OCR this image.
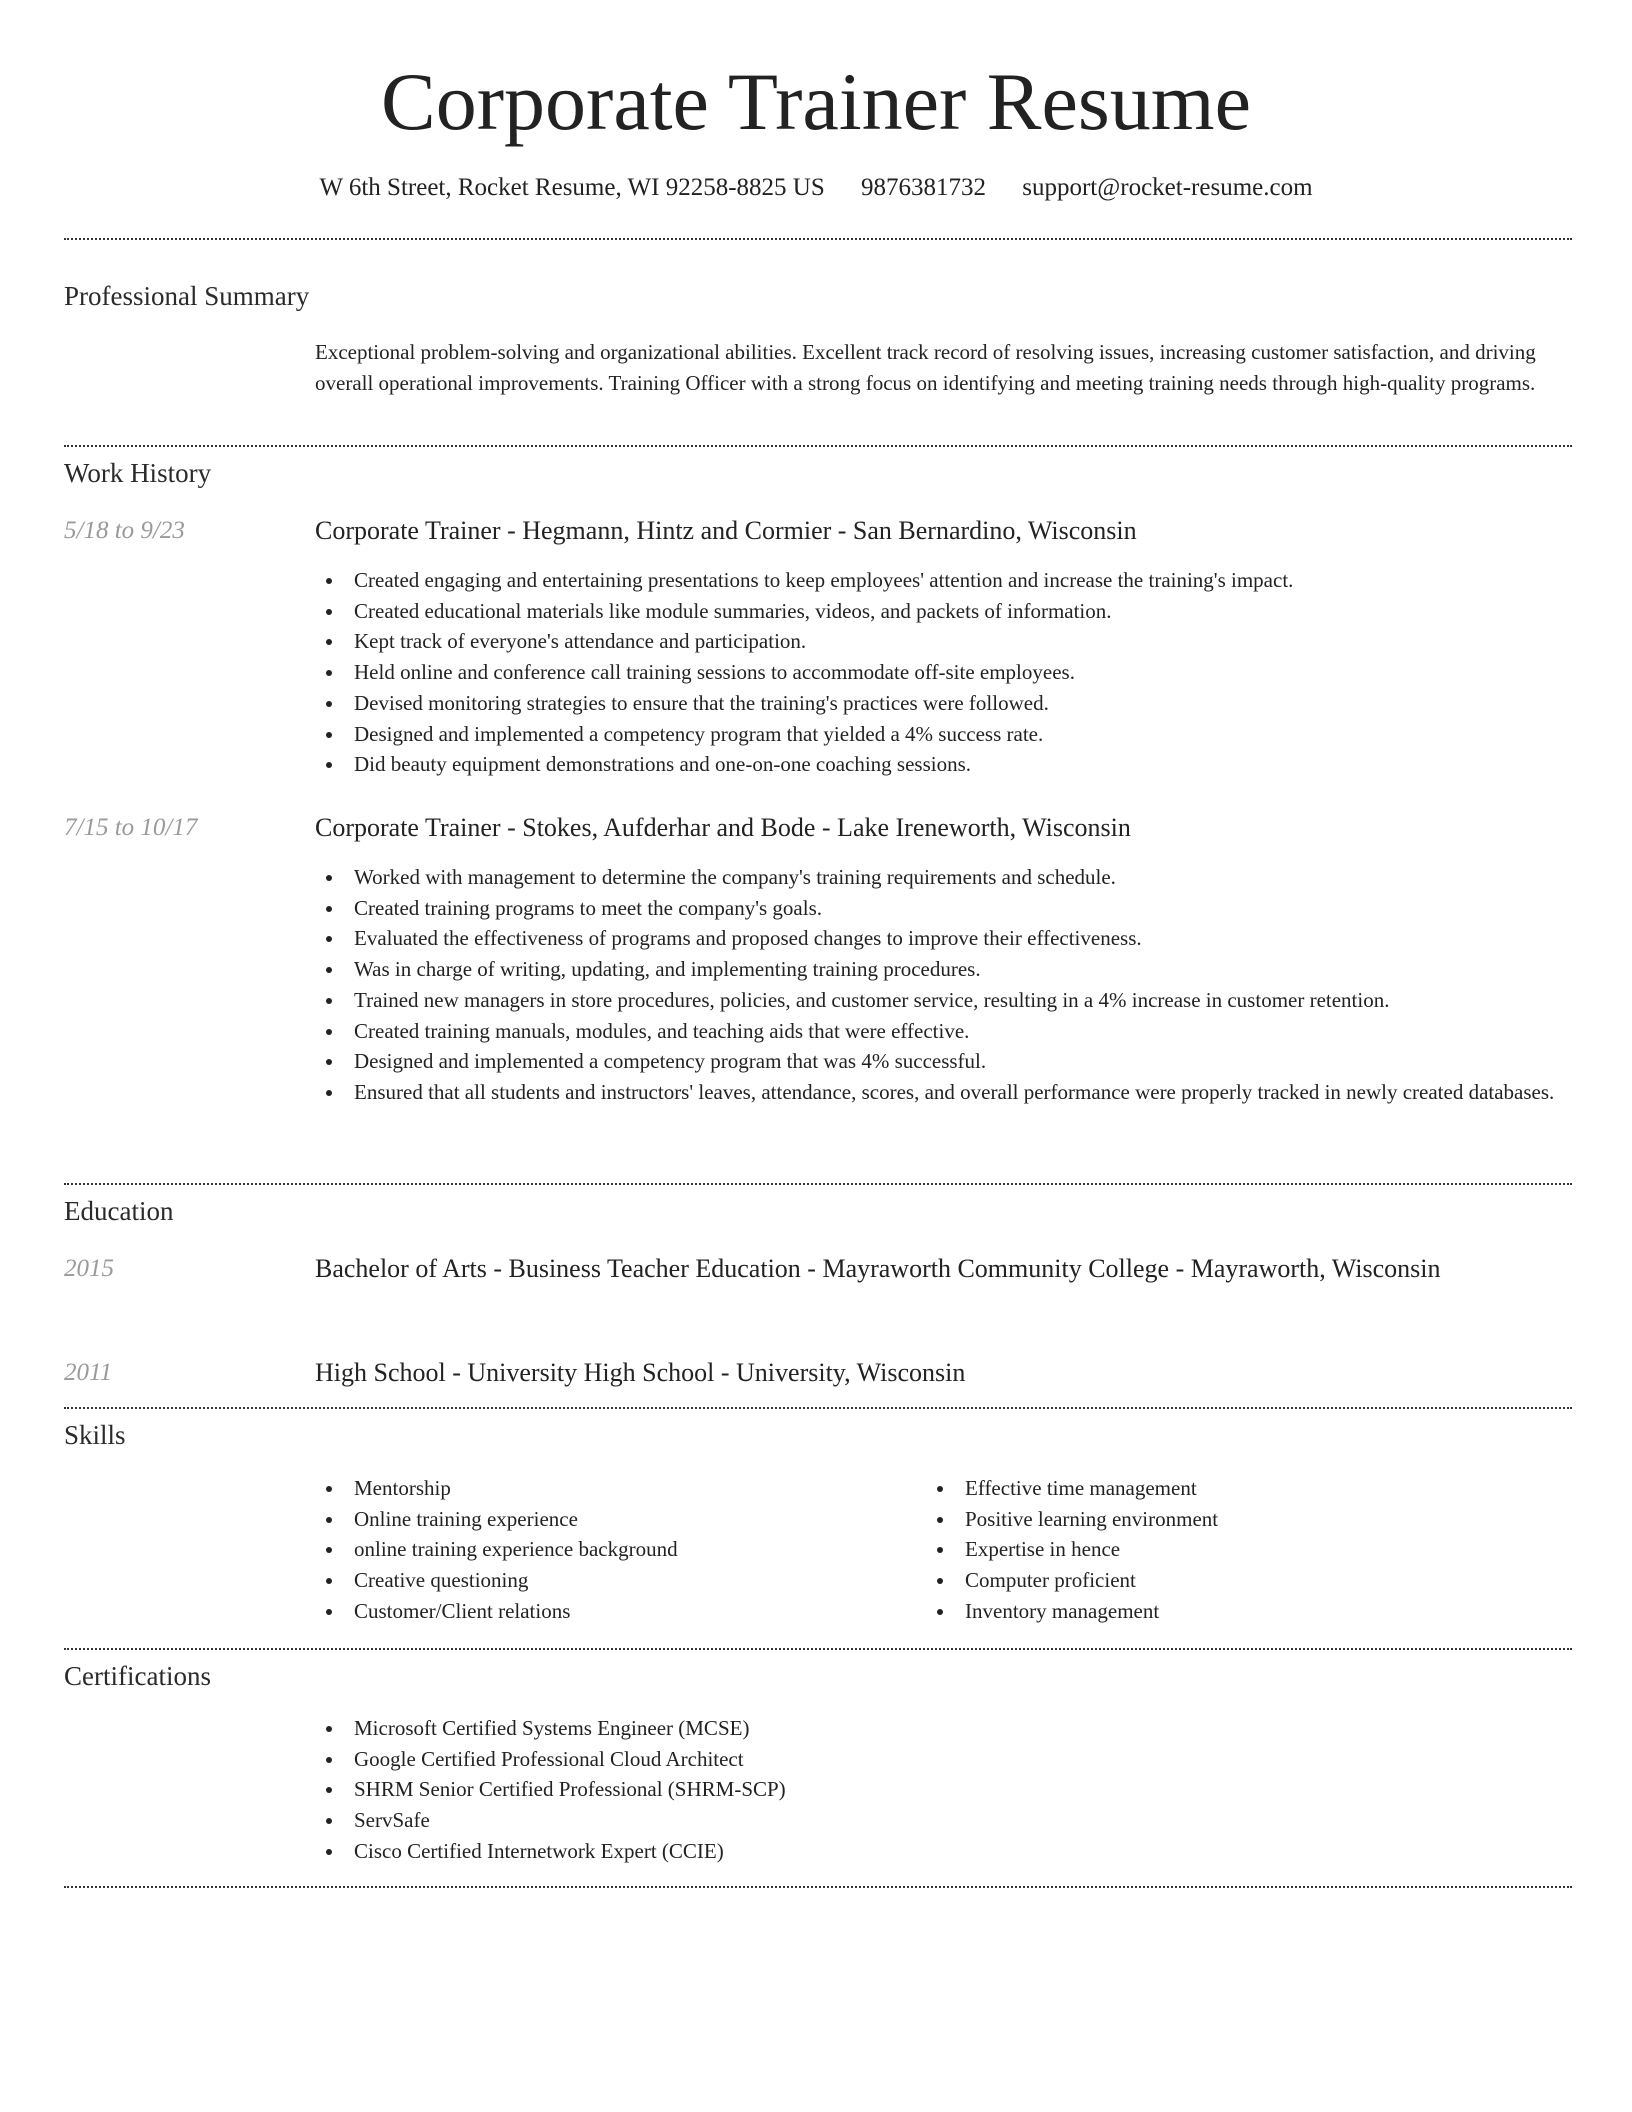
Corporate Trainer Resume
W 6th Street, Rocket Resume, WI 92258-8825 US 9876381732 support@rocket-resume.com
Professional Summary
Exceptional problem-solving and organizational abilities. Excellent track record of resolving issues, increasing customer satisfaction, and driving overall operational improvements. Training Officer with a strong focus on identifying and meeting training needs through high-quality programs.
Work History
5/18 to 9/23	Corporate Trainer - Hegmann, Hintz and Cormier - San Bernardino, Wisconsin
Created engaging and entertaining presentations to keep employees' attention and increase the training's impact.
Created educational materials like module summaries, videos, and packets of information.
Kept track of everyone's attendance and participation.
Held online and conference call training sessions to accommodate off-site employees.
Devised monitoring strategies to ensure that the training's practices were followed.
Designed and implemented a competency program that yielded a 4% success rate.
Did beauty equipment demonstrations and one-on-one coaching sessions.
7/15 to 10/17	Corporate Trainer - Stokes, Aufderhar and Bode - Lake Ireneworth, Wisconsin
Worked with management to determine the company's training requirements and schedule.
Created training programs to meet the company's goals.
Evaluated the effectiveness of programs and proposed changes to improve their effectiveness.
Was in charge of writing, updating, and implementing training procedures.
Trained new managers in store procedures, policies, and customer service, resulting in a 4% increase in customer retention.
Created training manuals, modules, and teaching aids that were effective.
Designed and implemented a competency program that was 4% successful.
Ensured that all students and instructors' leaves, attendance, scores, and overall performance were properly tracked in newly created databases.
Education
2015	Bachelor of Arts - Business Teacher Education - Mayraworth Community College - Mayraworth, Wisconsin
2011	High School - University High School - University, Wisconsin
Skills
Mentorship
Online training experience
online training experience background
Creative questioning
Customer/Client relations
Effective time management
Positive learning environment
Expertise in hence
Computer proficient
Inventory management
Certifications
Microsoft Certified Systems Engineer (MCSE)
Google Certified Professional Cloud Architect
SHRM Senior Certified Professional (SHRM-SCP)
ServSafe
Cisco Certified Internetwork Expert (CCIE)
